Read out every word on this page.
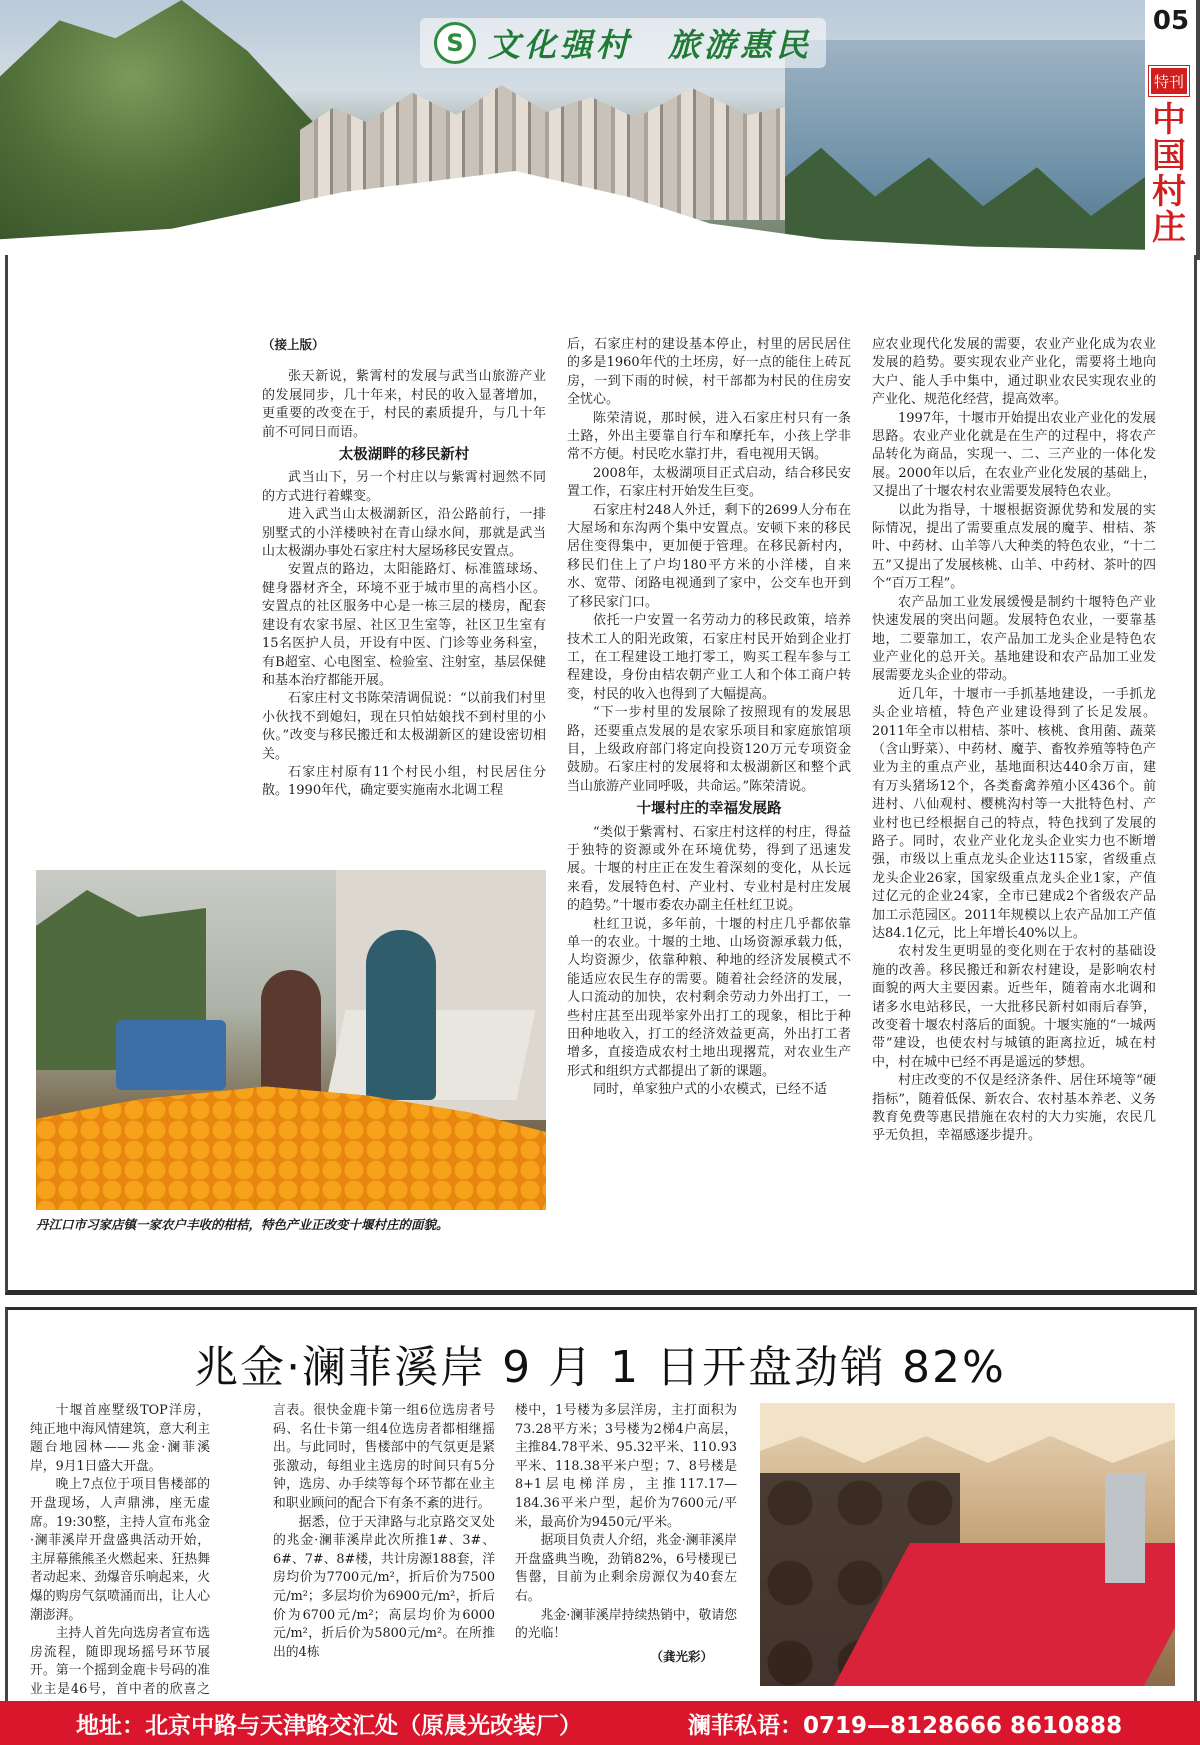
S 文化强村　旅游惠民
05
特刊
中国村庄

（接上版）

张天新说，紫霄村的发展与武当山旅游产业的发展同步，几十年来，村民的收入显著增加，更重要的改变在于，村民的素质提升，与几十年前不可同日而语。

太极湖畔的移民新村

武当山下，另一个村庄以与紫霄村迥然不同的方式进行着蝶变。

进入武当山太极湖新区，沿公路前行，一排别墅式的小洋楼映衬在青山绿水间，那就是武当山太极湖办事处石家庄村大屋场移民安置点。

安置点的路边，太阳能路灯、标准篮球场、健身器材齐全，环境不亚于城市里的高档小区。安置点的社区服务中心是一栋三层的楼房，配套建设有农家书屋、社区卫生室等，社区卫生室有15名医护人员，开设有中医、门诊等业务科室，有B超室、心电图室、检验室、注射室，基层保健和基本治疗都能开展。

石家庄村文书陈荣清调侃说：“以前我们村里小伙找不到媳妇，现在只怕姑娘找不到村里的小伙。”改变与移民搬迁和太极湖新区的建设密切相关。

石家庄村原有11个村民小组，村民居住分散。1990年代，确定要实施南水北调工程

后，石家庄村的建设基本停止，村里的居民居住的多是1960年代的土坯房，好一点的能住上砖瓦房，一到下雨的时候，村干部都为村民的住房安全忧心。

陈荣清说，那时候，进入石家庄村只有一条土路，外出主要靠自行车和摩托车，小孩上学非常不方便。村民吃水靠打井，看电视用天锅。

2008年，太极湖项目正式启动，结合移民安置工作，石家庄村开始发生巨变。

石家庄村248人外迁，剩下的2699人分布在大屋场和东沟两个集中安置点。安顿下来的移民居住变得集中，更加便于管理。在移民新村内，移民们住上了户均180平方米的小洋楼，自来水、宽带、闭路电视通到了家中，公交车也开到了移民家门口。

依托一户安置一名劳动力的移民政策，培养技术工人的阳光政策，石家庄村民开始到企业打工，在工程建设工地打零工，购买工程车参与工程建设，身份由桔农朝产业工人和个体工商户转变，村民的收入也得到了大幅提高。

“下一步村里的发展除了按照现有的发展思路，还要重点发展的是农家乐项目和家庭旅馆项目，上级政府部门将定向投资120万元专项资金鼓励。石家庄村的发展将和太极湖新区和整个武当山旅游产业同呼吸，共命运。”陈荣清说。

十堰村庄的幸福发展路

“类似于紫霄村、石家庄村这样的村庄，得益于独特的资源或外在环境优势，得到了迅速发展。十堰的村庄正在发生着深刻的变化，从长远来看，发展特色村、产业村、专业村是村庄发展的趋势。”十堰市委农办副主任杜红卫说。

杜红卫说，多年前，十堰的村庄几乎都依靠单一的农业。十堰的土地、山场资源承载力低，人均资源少，依靠种粮、种地的经济发展模式不能适应农民生存的需要。随着社会经济的发展，人口流动的加快，农村剩余劳动力外出打工，一些村庄甚至出现举家外出打工的现象，相比于种田种地收入，打工的经济效益更高，外出打工者增多，直接造成农村土地出现撂荒，对农业生产形式和组织方式都提出了新的课题。

同时，单家独户式的小农模式，已经不适

应农业现代化发展的需要，农业产业化成为农业发展的趋势。要实现农业产业化，需要将土地向大户、能人手中集中，通过职业农民实现农业的产业化、规范化经营，提高效率。

1997年，十堰市开始提出农业产业化的发展思路。农业产业化就是在生产的过程中，将农产品转化为商品，实现一、二、三产业的一体化发展。2000年以后，在农业产业化发展的基础上，又提出了十堰农村农业需要发展特色农业。

以此为指导，十堰根据资源优势和发展的实际情况，提出了需要重点发展的魔芋、柑桔、茶叶、中药材、山羊等八大种类的特色农业，“十二五”又提出了发展核桃、山羊、中药材、茶叶的四个“百万工程”。

农产品加工业发展缓慢是制约十堰特色产业快速发展的突出问题。发展特色农业，一要靠基地，二要靠加工，农产品加工龙头企业是特色农业产业化的总开关。基地建设和农产品加工业发展需要龙头企业的带动。

近几年，十堰市一手抓基地建设，一手抓龙头企业培植，特色产业建设得到了长足发展。2011年全市以柑桔、茶叶、核桃、食用菌、蔬菜（含山野菜）、中药材、魔芋、畜牧养殖等特色产业为主的重点产业，基地面积达440余万亩，建有万头猪场12个，各类畜禽养殖小区436个。前进村、八仙观村、樱桃沟村等一大批特色村、产业村也已经根据自己的特点，特色找到了发展的路子。同时，农业产业化龙头企业实力也不断增强，市级以上重点龙头企业达115家，省级重点龙头企业26家，国家级重点龙头企业1家，产值过亿元的企业24家，全市已建成2个省级农产品加工示范园区。2011年规模以上农产品加工产值达84.1亿元，比上年增长40%以上。

农村发生更明显的变化则在于农村的基础设施的改善。移民搬迁和新农村建设，是影响农村面貌的两大主要因素。近些年，随着南水北调和诸多水电站移民，一大批移民新村如雨后春笋，改变着十堰农村落后的面貌。十堰实施的“一城两带”建设，也使农村与城镇的距离拉近，城在村中，村在城中已经不再是遥远的梦想。

村庄改变的不仅是经济条件、居住环境等“硬指标”，随着低保、新农合、农村基本养老、义务教育免费等惠民措施在农村的大力实施，农民几乎无负担，幸福感逐步提升。

丹江口市习家店镇一家农户丰收的柑桔，特色产业正改变十堰村庄的面貌。
兆金·澜菲溪岸 9 月 1 日开盘劲销 82%

十堰首座墅级TOP洋房，纯正地中海风情建筑，意大利主题台地园林——兆金·澜菲溪岸，9月1日盛大开盘。

晚上7点位于项目售楼部的开盘现场，人声鼎沸，座无虚席。19:30整，主持人宣布兆金·澜菲溪岸开盘盛典活动开始，主屏幕熊熊圣火燃起来、狂热舞者动起来、劲爆音乐响起来，火爆的购房气氛喷涌而出，让人心潮澎湃。

主持人首先向选房者宣布选房流程，随即现场摇号环节展开。第一个摇到金鹿卡号码的准业主是46号，首中者的欣喜之

言表。很快金鹿卡第一组6位选房者号码、名仕卡第一组4位选房者都相继摇出。与此同时，售楼部中的气氛更是紧张激动，每组业主选房的时间只有5分钟，选房、办手续等每个环节都在业主和职业顾问的配合下有条不紊的进行。

据悉，位于天津路与北京路交叉处的兆金·澜菲溪岸此次所推1#、3#、6#、7#、8#楼，共计房源188套，洋房均价为7700元/m²，折后价为7500元/m²；多层均价为6900元/m²，折后价为6700元/m²；高层均价为6000元/m²，折后价为5800元/m²。在所推出的4栋

楼中，1号楼为多层洋房，主打面积为73.28平方米；3号楼为2梯4户高层，主推84.78平米、95.32平米、110.93平米、118.38平米户型；7、8号楼是8+1层电梯洋房，主推117.17—184.36平米户型，起价为7600元/平米，最高价为9450元/平米。

据项目负责人介绍，兆金·澜菲溪岸开盘盛典当晚，劲销82%，6号楼现已售罄，目前为止剩余房源仅为40套左右。

兆金·澜菲溪岸持续热销中，敬请您的光临！

（龚光彩）
地址：北京中路与天津路交汇处（原晨光改装厂）	澜菲私语：0719—8128666 8610888
